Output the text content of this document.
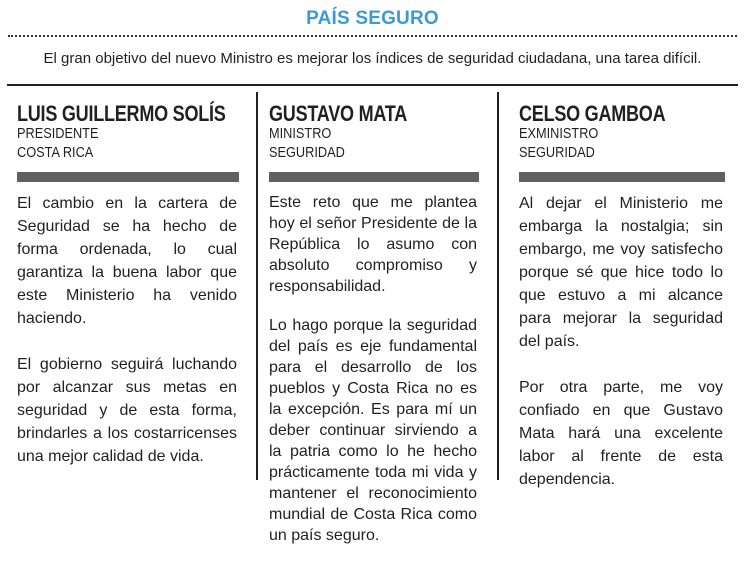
PAÍS SEGURO
El gran objetivo del nuevo Ministro es mejorar los índices de seguridad ciudadana, una tarea difícil.
LUIS GUILLERMO SOLÍS
PRESIDENTE
COSTA RICA

El cambio en la cartera de Seguridad se ha hecho de forma ordenada, lo cual garantiza la buena labor que este Ministerio ha venido haciendo.

El gobierno seguirá luchando por alcanzar sus metas en seguridad y de esta forma, brindarles a los costarricenses una mejor calidad de vida.

GUSTAVO MATA
MINISTRO
SEGURIDAD

Este reto que me plantea hoy el señor Presidente de la República lo asumo con absoluto compromiso y responsabilidad.

Lo hago porque la seguridad del país es eje fundamental para el desarrollo de los pueblos y Costa Rica no es la excepción. Es para mí un deber continuar sirviendo a la patria como lo he hecho prácticamente toda mi vida y mantener el reconocimiento mundial de Costa Rica como un país seguro.

CELSO GAMBOA
EXMINISTRO
SEGURIDAD

Al dejar el Ministerio me embarga la nostalgia; sin embargo, me voy satisfecho porque sé que hice todo lo que estuvo a mi alcance para mejorar la seguridad del país.

Por otra parte, me voy confiado en que Gustavo Mata hará una excelente labor al frente de esta dependencia.
